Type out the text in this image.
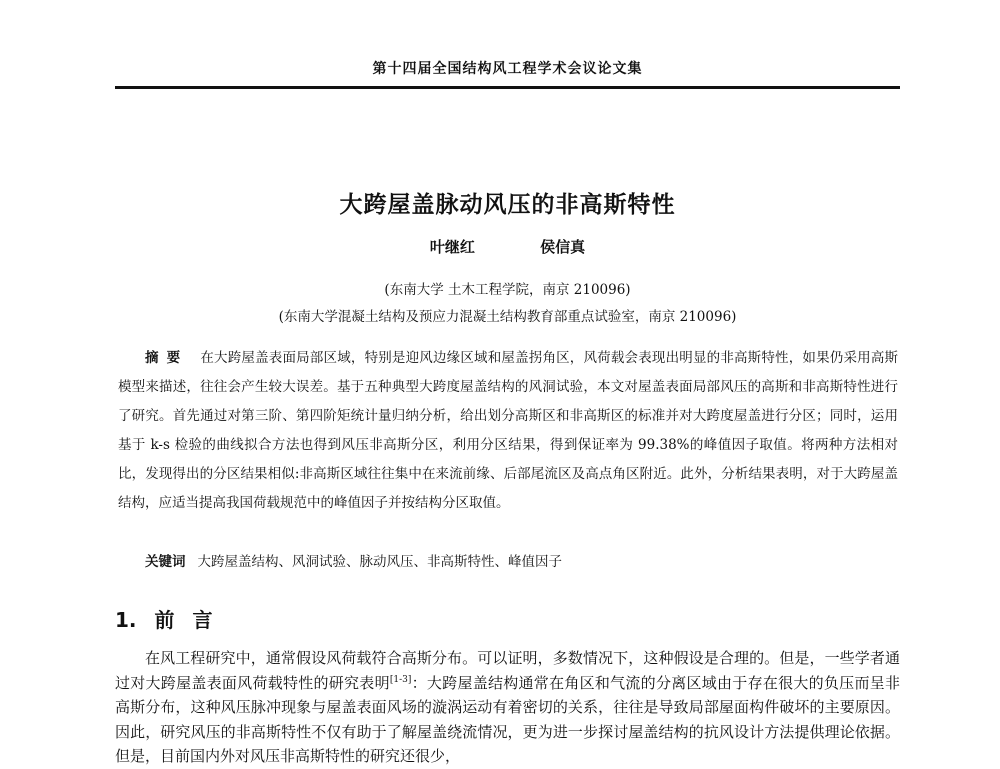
第十四届全国结构风工程学术会议论文集
大跨屋盖脉动风压的非高斯特性
叶继红	侯信真
(东南大学 土木工程学院，南京 210096)
(东南大学混凝土结构及预应力混凝土结构教育部重点试验室，南京 210096)
摘要 在大跨屋盖表面局部区域，特别是迎风边缘区域和屋盖拐角区，风荷载会表现出明显的非高斯特性，如果仍采用高斯模型来描述，往往会产生较大误差。基于五种典型大跨度屋盖结构的风洞试验，本文对屋盖表面局部风压的高斯和非高斯特性进行了研究。首先通过对第三阶、第四阶矩统计量归纳分析，给出划分高斯区和非高斯区的标准并对大跨度屋盖进行分区；同时，运用基于 k-s 检验的曲线拟合方法也得到风压非高斯分区，利用分区结果，得到保证率为 99.38%的峰值因子取值。将两种方法相对比，发现得出的分区结果相似:非高斯区域往往集中在来流前缘、后部尾流区及高点角区附近。此外，分析结果表明，对于大跨屋盖结构，应适当提高我国荷载规范中的峰值因子并按结构分区取值。
关键词 大跨屋盖结构、风洞试验、脉动风压、非高斯特性、峰值因子
1. 前言
在风工程研究中，通常假设风荷载符合高斯分布。可以证明，多数情况下，这种假设是合理的。但是，一些学者通过对大跨屋盖表面风荷载特性的研究表明[1-3]：大跨屋盖结构通常在角区和气流的分离区域由于存在很大的负压而呈非高斯分布，这种风压脉冲现象与屋盖表面风场的漩涡运动有着密切的关系，往往是导致局部屋面构件破坏的主要原因。因此，研究风压的非高斯特性不仅有助于了解屋盖绕流情况，更为进一步探讨屋盖结构的抗风设计方法提供理论依据。但是，目前国内外对风压非高斯特性的研究还很少，
